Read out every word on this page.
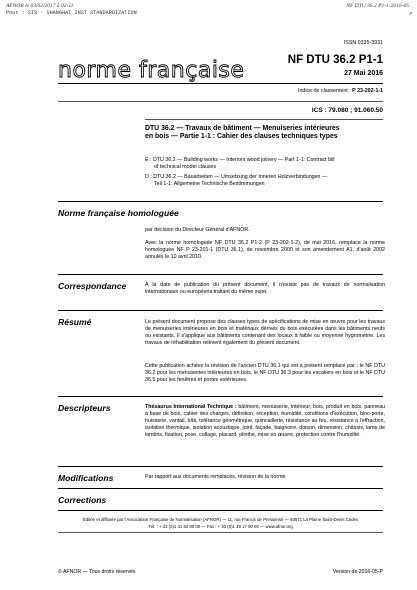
AFNOR le 03/02/2017 à 02:11	NF DTU 36.2 P1-1:2016-05
Pour : SIS - SHANGHAI INST STANDARDIZATION	P
ISSN 0335-3931
norme française	NF DTU 36.2 P1-1
27 Mai 2016
Indice de classement : P 23-202-1-1
ICS : 79.080 ; 91.060.50
DTU 36.2 — Travaux de bâtiment — Menuiseries intérieures
en bois — Partie 1-1 : Cahier des clauses techniques types
E : DTU 36.2 — Building works — Interiors wood joinery — Part 1-1: Contract bill
of technical model clauses
D : DTU 36.2 — Bauarbeiten — Umsetzung der Inneren Holzverbindungen —
Teil 1-1: Allgemeine Technische Bestimmungen
Norme française homologuée
par décision du Directeur Général d'AFNOR.
Avec la norme homologuée NF DTU 36.2 P1-2 (P 23-202-1-2), de mai 2016, remplace la norme homologuée NF P 23-201-1 (DTU 36.1), de novembre 2000 et son amendement A1, d'août 2002 annulés le 10 avril 2010.
Correspondance	À la date de publication du présent document, il n'existe pas de travaux de normalisation internationaux ou européens traitant du même sujet.
Résumé	Le présent document propose des clauses types de spécifications de mise en œuvre pour les travaux de menuiseries intérieures en bois et matériaux dérivés du bois exécutées dans les bâtiments neufs ou existants. Il s'applique aux bâtiments contenant des locaux à faible ou moyenne hygrométrie. Les travaux de réhabilitation relèvent également du présent document.
Cette publication achève la révision de l'ancien DTU 36.1 qui est à présent remplacé par : le NF DTU 36.2 pour les menuiseries intérieures en bois, le NF DTU 36.3 pour les escaliers en bois et le NF DTU 36.5 pour les fenêtres et portes extérieures.
Descripteurs	Thésaurus International Technique : bâtiment, menuiserie, intérieur, bois, produit en bois, panneau à base de bois, cahier des charges, définition, réception, humidité, conditions d'exécution, bloc-porte, huisserie, vantail, bâti, tolérance géométrique, quincaillerie, résistance au feu, résistance à l'effraction, isolation thermique, isolation acoustique, joint, façade, baignoire, doison, dimension, châssis, lame de lambris, fixation, pose, collage, placard, plinthe, mise en œuvre, protection contre l'humidité.
Modifications	Par rapport aux documents remplacés, révision de la norme.
Corrections
Éditée et diffusée par l'Association Française de Normalisation (AFNOR) — 11, rue Francis de Pressensé — 93571 La Plaine Saint-Denis Cedex
Tél. : + 33 (0)1 41 62 80 00 — Fax : + 33 (0)1 49 17 90 00 — www.afnor.org
© AFNOR — Tous droits réservés	Version de 2016-05-P
